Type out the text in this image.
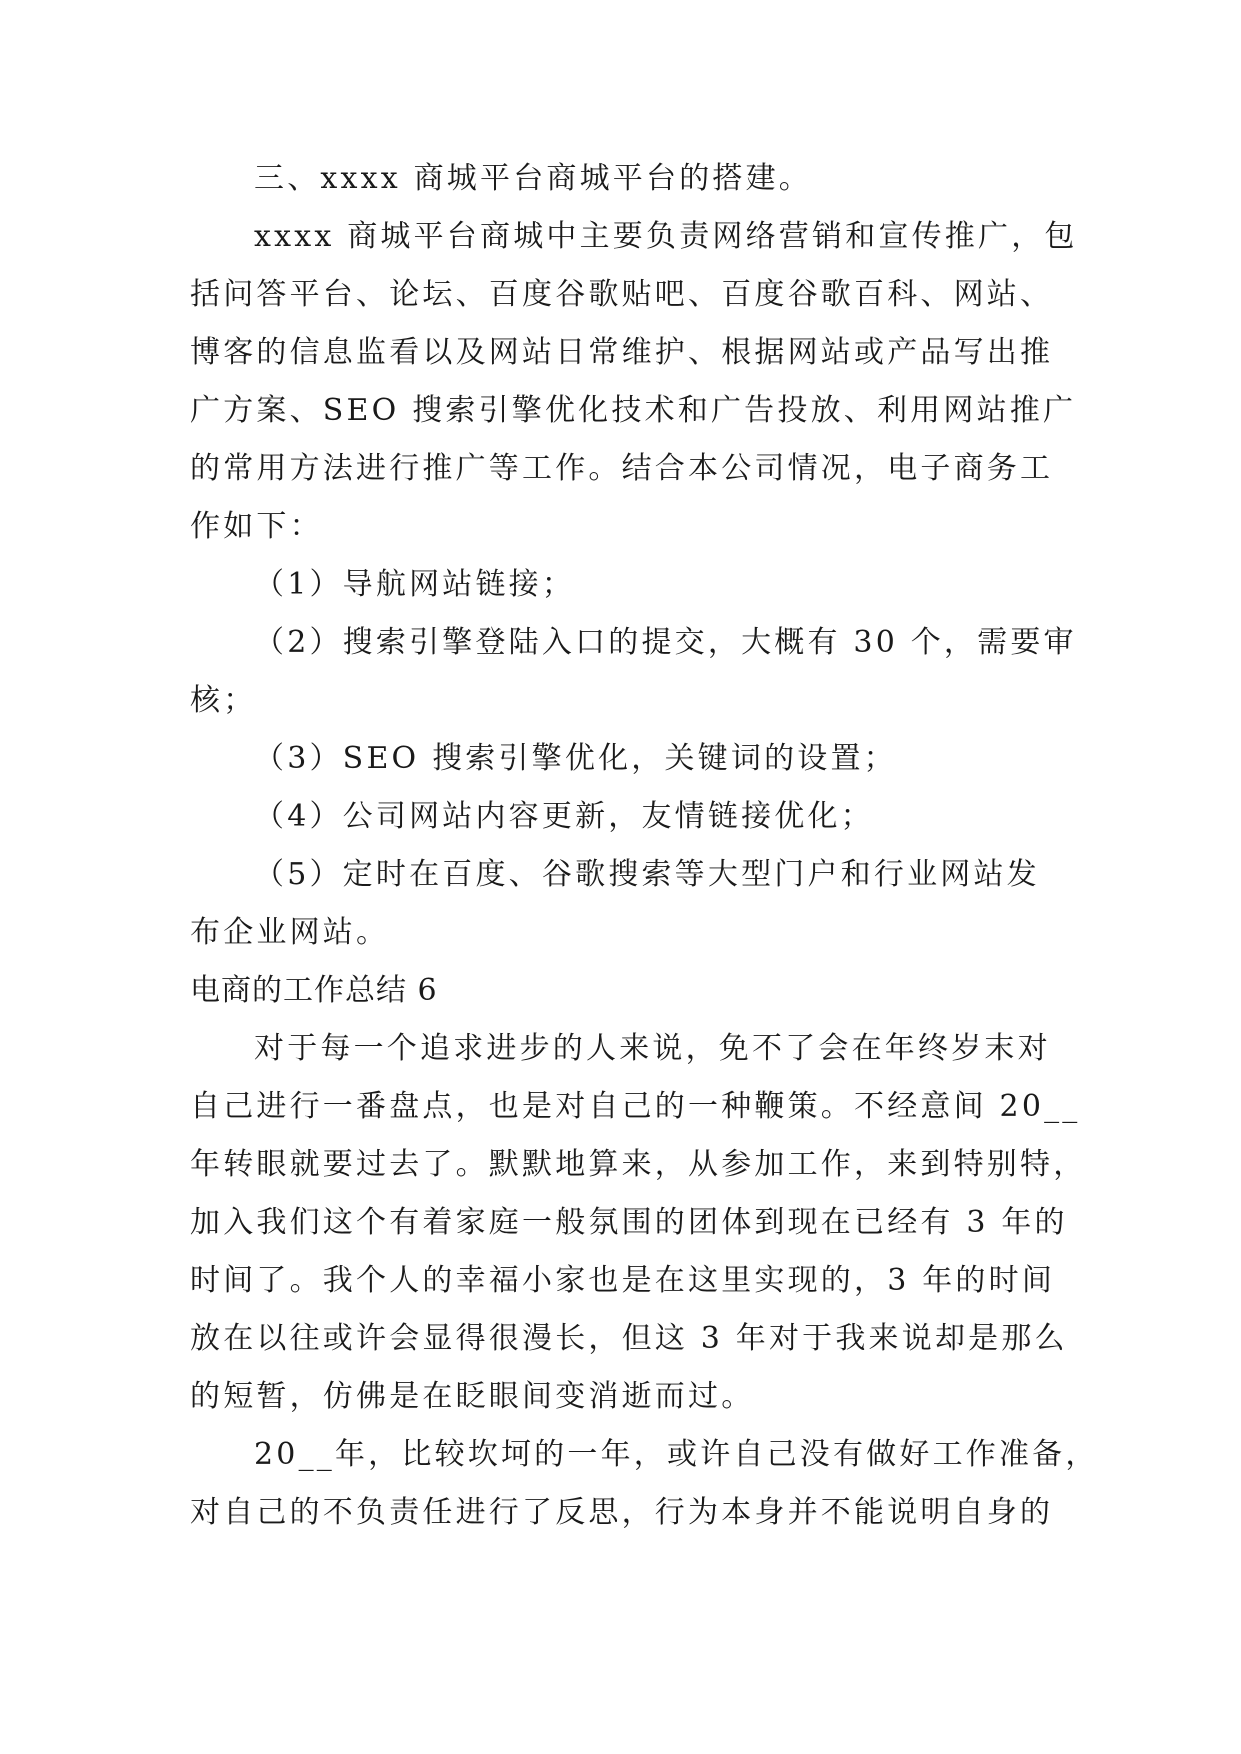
三、xxxx 商城平台商城平台的搭建。
xxxx 商城平台商城中主要负责网络营销和宣传推广，包
括问答平台、论坛、百度谷歌贴吧、百度谷歌百科、网站、
博客的信息监看以及网站日常维护、根据网站或产品写出推
广方案、SEO 搜索引擎优化技术和广告投放、利用网站推广
的常用方法进行推广等工作。结合本公司情况，电子商务工
作如下：
（1）导航网站链接；
（2）搜索引擎登陆入口的提交，大概有 30 个，需要审
核；
（3）SEO 搜索引擎优化，关键词的设置；
（4）公司网站内容更新，友情链接优化；
（5）定时在百度、谷歌搜索等大型门户和行业网站发
布企业网站。
电商的工作总结 6
对于每一个追求进步的人来说，免不了会在年终岁末对
自己进行一番盘点，也是对自己的一种鞭策。不经意间 20__
年转眼就要过去了。默默地算来，从参加工作，来到特别特，
加入我们这个有着家庭一般氛围的团体到现在已经有 3 年的
时间了。我个人的幸福小家也是在这里实现的，3 年的时间
放在以往或许会显得很漫长，但这 3 年对于我来说却是那么
的短暂，仿佛是在眨眼间变消逝而过。
20__年，比较坎坷的一年，或许自己没有做好工作准备，
对自己的不负责任进行了反思，行为本身并不能说明自身的
